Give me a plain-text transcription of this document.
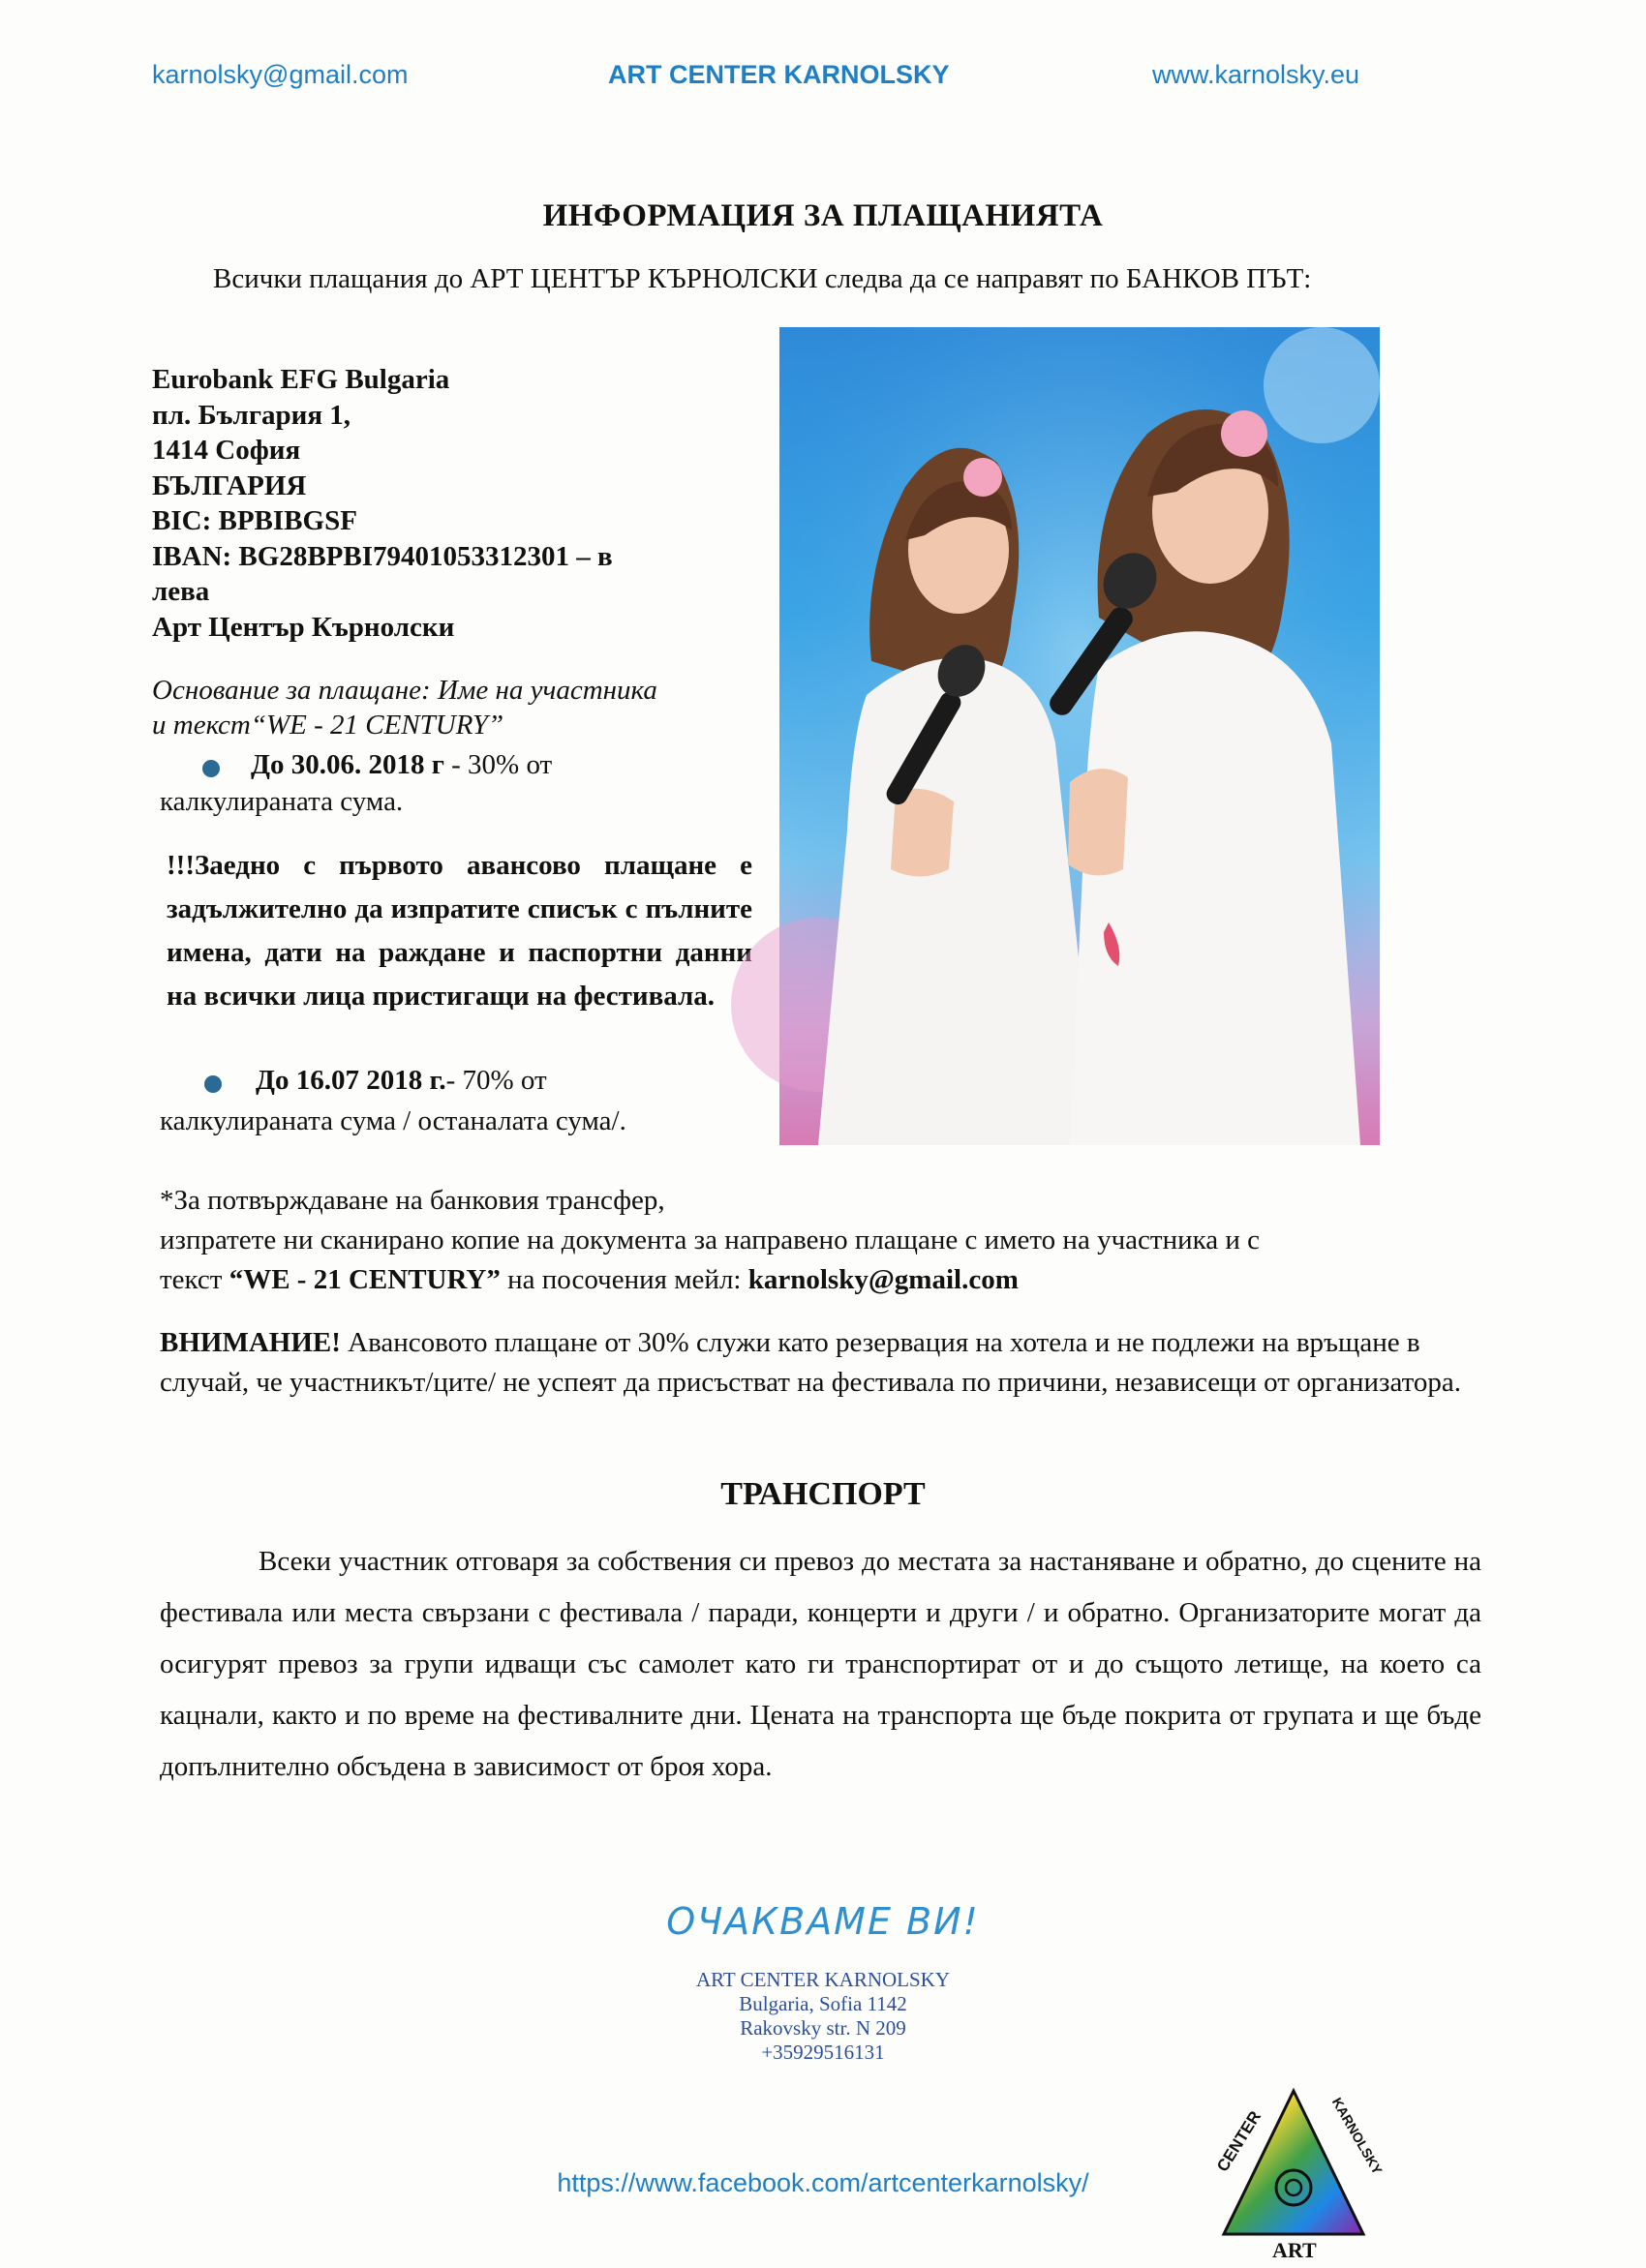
karnolsky@gmail.com	ART CENTER KARNOLSKY	www.karnolsky.eu
ИНФОРМАЦИЯ ЗА ПЛАЩАНИЯТА
Всички плащания до АРТ ЦЕНТЪР КЪРНОЛСКИ следва да се направят по БАНКОВ ПЪТ:
Eurobank EFG Bulgaria
пл. България 1,
1414 София
БЪЛГАРИЯ
BIC: BPBIBGSF
IBAN: BG28BPBI79401053312301 – в
лева
Арт Център Кърнолски
Основание за плащане: Име на участника
и текст“WE - 21 CENTURY”
До 30.06. 2018 г - 30% от
калкулираната сума.
!!!Заедно с първото авансово плащане е задължително да изпратите списък с пълните имена, дати на раждане и паспортни данни на всички лица пристигащи на фестивала.
До 16.07 2018 г.- 70% от
калкулираната сума / останалата сума/.
*За потвърждаване на банковия трансфер,
изпратете ни сканирано копие на документа за направено плащане с името на участника и с
текст “WE - 21 CENTURY” на посочения мейл: karnolsky@gmail.com
ВНИМАНИЕ! Авансовото плащане от 30% служи като резервация на хотела и не подлежи на връщане в случай, че участникът/ците/ не успеят да присъстват на фестивала по причини, независещи от организатора.
ТРАНСПОРТ
Всеки участник отговаря за собствения си превоз до местата за настаняване и обратно, до сцените на фестивала или места свързани с фестивала / паради, концерти и други / и обратно. Организаторите могат да осигурят превоз за групи идващи със самолет като ги транспортират от и до същото летище, на което са кацнали, както и по време на фестивалните дни. Цената на транспорта ще бъде покрита от групата и ще бъде допълнително обсъдена в зависимост от броя хора.
ОЧАКВАМЕ ВИ!
ART CENTER KARNOLSKY
Bulgaria, Sofia 1142
Rakovsky str. N 209
+35929516131
https://www.facebook.com/artcenterkarnolsky/
CENTER	KARNOLSKY
ART
